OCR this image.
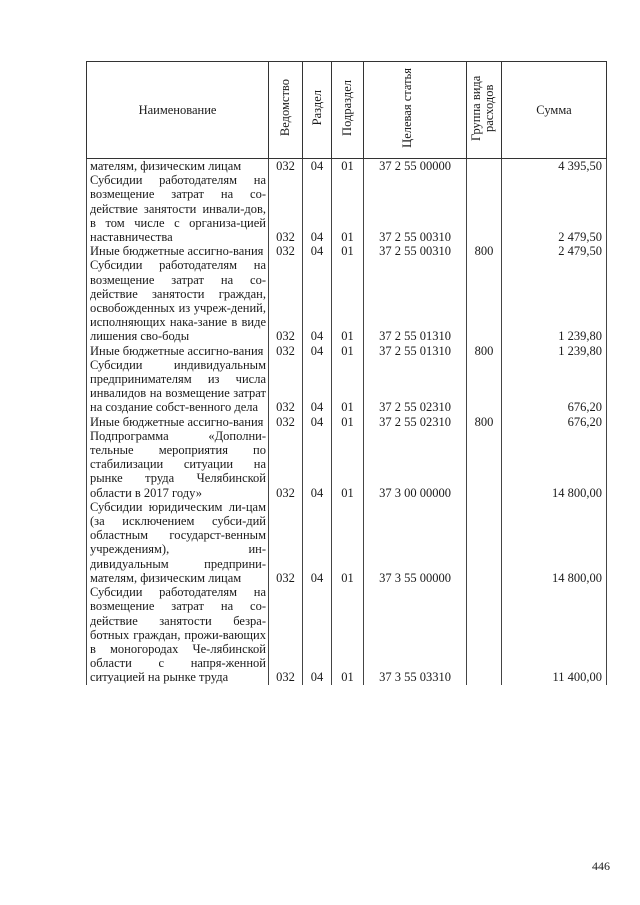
Наименование	Ведомство	Раздел	Подраздел	Целевая статья	Группа вида расходов	Сумма
мателям, физическим лицам	032	04	01	37 2 55 00000		4 395,50
Субсидии работодателям на возмещение затрат на со-действие занятости инвали-дов, в том числе с организа-цией наставничества	032	04	01	37 2 55 00310		2 479,50
Иные бюджетные ассигно-вания	032	04	01	37 2 55 00310	800	2 479,50
Субсидии работодателям на возмещение затрат на со-действие занятости граждан, освобожденных из учреж-дений, исполняющих нака-зание в виде лишения сво-боды	032	04	01	37 2 55 01310		1 239,80
Иные бюджетные ассигно-вания	032	04	01	37 2 55 01310	800	1 239,80
Субсидии индивидуальным предпринимателям из числа инвалидов на возмещение затрат на создание собст-венного дела	032	04	01	37 2 55 02310		676,20
Иные бюджетные ассигно-вания	032	04	01	37 2 55 02310	800	676,20
Подпрограмма «Дополни-тельные мероприятия по стабилизации ситуации на рынке труда Челябинской области в 2017 году»	032	04	01	37 3 00 00000		14 800,00
Субсидии юридическим ли-цам (за исключением субси-дий областным государст-венным учреждениям), ин-дивидуальным предприни-мателям, физическим лицам	032	04	01	37 3 55 00000		14 800,00
Субсидии работодателям на возмещение затрат на со-действие занятости безра-ботных граждан, прожи-вающих в моногородах Че-лябинской области с напря-женной ситуацией на рынке труда	032	04	01	37 3 55 03310		11 400,00
446
